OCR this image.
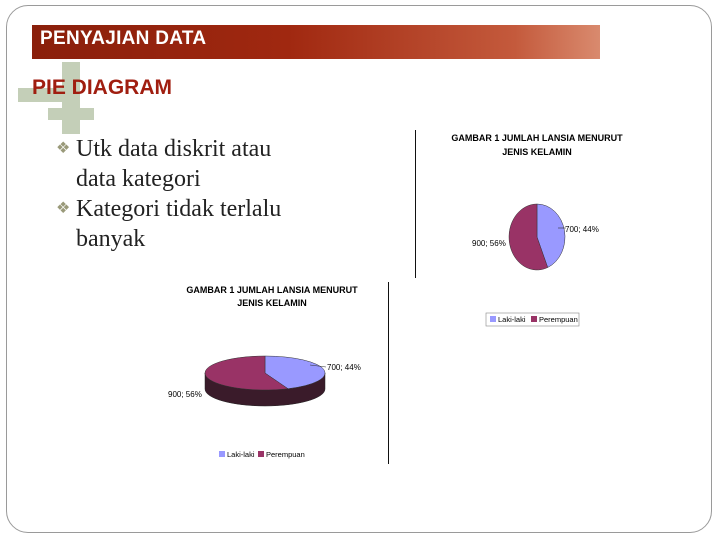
PENYAJIAN DATA
PIE DIAGRAM
❖ Utk data diskrit atau
data kategori
❖ Kategori tidak terlalu
banyak
GAMBAR 1 JUMLAH LANSIA MENURUT
JENIS KELAMIN
700; 44%
900; 56%
Laki-laki Perempuan
GAMBAR 1 JUMLAH LANSIA MENURUT
JENIS KELAMIN
700; 44%
900; 56%
Laki-laki Perempuan
